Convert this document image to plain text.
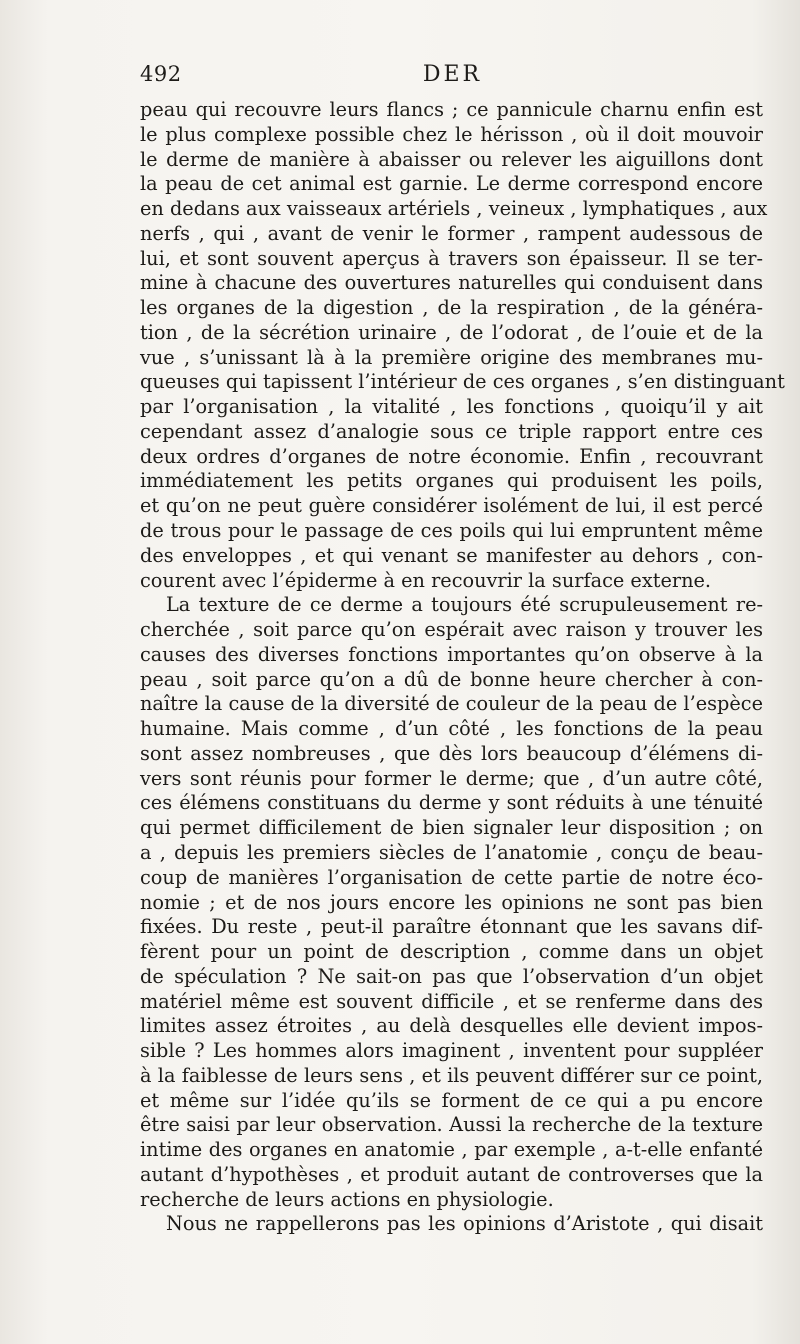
492	DER
peau qui recouvre leurs flancs ; ce pannicule charnu enfin est
le plus complexe possible chez le hérisson , où il doit mouvoir
le derme de manière à abaisser ou relever les aiguillons dont
la peau de cet animal est garnie. Le derme correspond encore
en dedans aux vaisseaux artériels , veineux , lymphatiques , aux
nerfs , qui , avant de venir le former , rampent audessous de
lui, et sont souvent aperçus à travers son épaisseur. Il se ter-
mine à chacune des ouvertures naturelles qui conduisent dans
les organes de la digestion , de la respiration , de la généra-
tion , de la sécrétion urinaire , de l’odorat , de l’ouie et de la
vue , s’unissant là à la première origine des membranes mu-
queuses qui tapissent l’intérieur de ces organes , s’en distinguant
par l’organisation , la vitalité , les fonctions , quoiqu’il y ait
cependant assez d’analogie sous ce triple rapport entre ces
deux ordres d’organes de notre économie. Enfin , recouvrant
immédiatement les petits organes qui produisent les poils,
et qu’on ne peut guère considérer isolément de lui, il est percé
de trous pour le passage de ces poils qui lui empruntent même
des enveloppes , et qui venant se manifester au dehors , con-
courent avec l’épiderme à en recouvrir la surface externe.
La texture de ce derme a toujours été scrupuleusement re-
cherchée , soit parce qu’on espérait avec raison y trouver les
causes des diverses fonctions importantes qu’on observe à la
peau , soit parce qu’on a dû de bonne heure chercher à con-
naître la cause de la diversité de couleur de la peau de l’espèce
humaine. Mais comme , d’un côté , les fonctions de la peau
sont assez nombreuses , que dès lors beaucoup d’élémens di-
vers sont réunis pour former le derme; que , d’un autre côté,
ces élémens constituans du derme y sont réduits à une ténuité
qui permet difficilement de bien signaler leur disposition ; on
a , depuis les premiers siècles de l’anatomie , conçu de beau-
coup de manières l’organisation de cette partie de notre éco-
nomie ; et de nos jours encore les opinions ne sont pas bien
fixées. Du reste , peut-il paraître étonnant que les savans dif-
fèrent pour un point de description , comme dans un objet
de spéculation ? Ne sait-on pas que l’observation d’un objet
matériel même est souvent difficile , et se renferme dans des
limites assez étroites , au delà desquelles elle devient impos-
sible ? Les hommes alors imaginent , inventent pour suppléer
à la faiblesse de leurs sens , et ils peuvent différer sur ce point,
et même sur l’idée qu’ils se forment de ce qui a pu encore
être saisi par leur observation. Aussi la recherche de la texture
intime des organes en anatomie , par exemple , a-t-elle enfanté
autant d’hypothèses , et produit autant de controverses que la
recherche de leurs actions en physiologie.
Nous ne rappellerons pas les opinions d’Aristote , qui disait
